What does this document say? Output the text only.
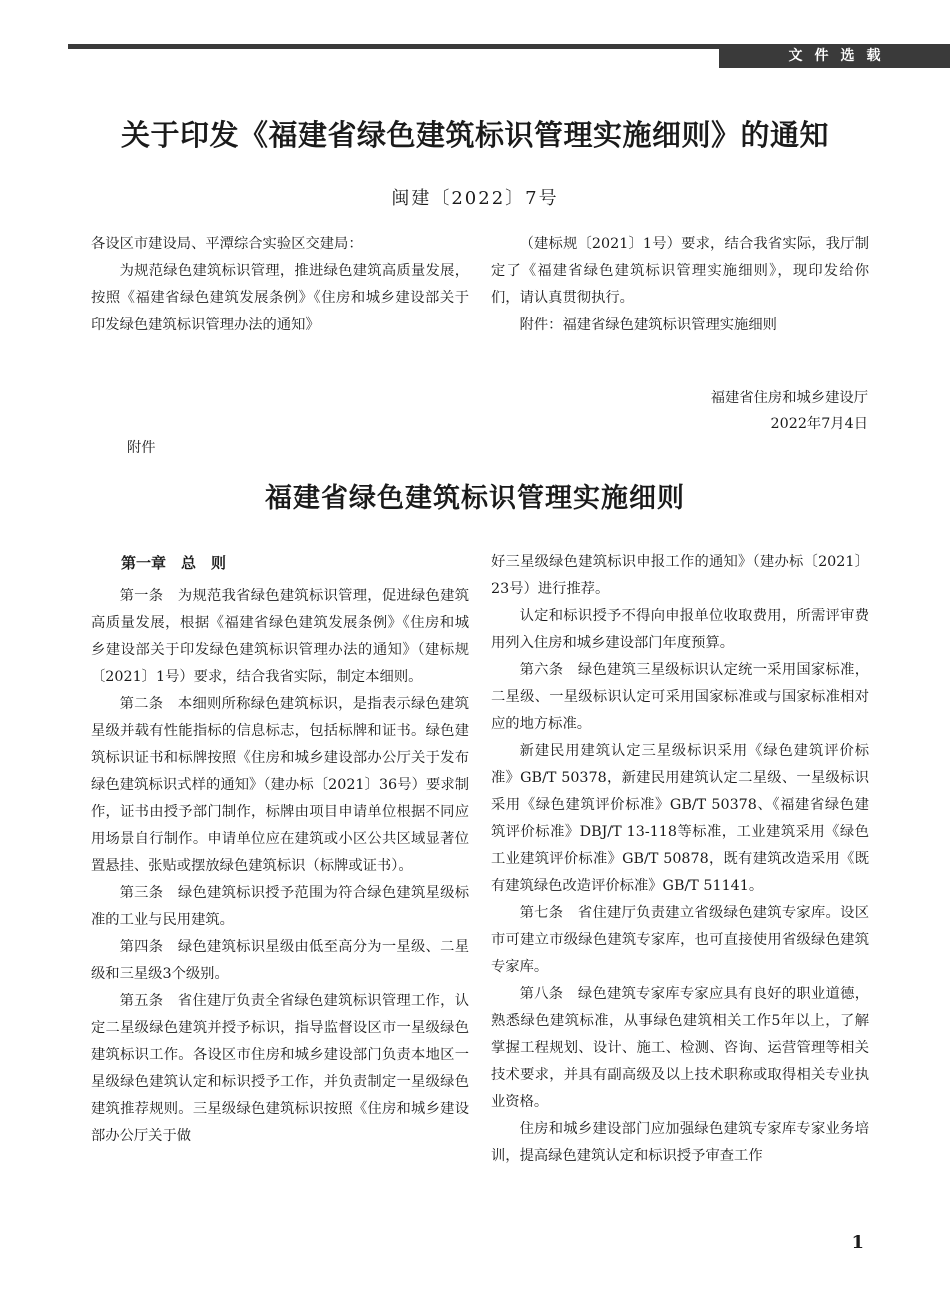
文件选载
关于印发《福建省绿色建筑标识管理实施细则》的通知
闽建〔2022〕7号

各设区市建设局、平潭综合实验区交建局：

为规范绿色建筑标识管理，推进绿色建筑高质量发展，按照《福建省绿色建筑发展条例》《住房和城乡建设部关于印发绿色建筑标识管理办法的通知》

（建标规〔2021〕1号）要求，结合我省实际，我厅制定了《福建省绿色建筑标识管理实施细则》，现印发给你们，请认真贯彻执行。

附件：福建省绿色建筑标识管理实施细则

福建省住房和城乡建设厅
2022年7月4日
附件
福建省绿色建筑标识管理实施细则

第一章　总　则

第一条　为规范我省绿色建筑标识管理，促进绿色建筑高质量发展，根据《福建省绿色建筑发展条例》《住房和城乡建设部关于印发绿色建筑标识管理办法的通知》（建标规〔2021〕1号）要求，结合我省实际，制定本细则。

第二条　本细则所称绿色建筑标识，是指表示绿色建筑星级并载有性能指标的信息标志，包括标牌和证书。绿色建筑标识证书和标牌按照《住房和城乡建设部办公厅关于发布绿色建筑标识式样的通知》（建办标〔2021〕36号）要求制作，证书由授予部门制作，标牌由项目申请单位根据不同应用场景自行制作。申请单位应在建筑或小区公共区域显著位置悬挂、张贴或摆放绿色建筑标识（标牌或证书）。

第三条　绿色建筑标识授予范围为符合绿色建筑星级标准的工业与民用建筑。

第四条　绿色建筑标识星级由低至高分为一星级、二星级和三星级3个级别。

第五条　省住建厅负责全省绿色建筑标识管理工作，认定二星级绿色建筑并授予标识，指导监督设区市一星级绿色建筑标识工作。各设区市住房和城乡建设部门负责本地区一星级绿色建筑认定和标识授予工作，并负责制定一星级绿色建筑推荐规则。三星级绿色建筑标识按照《住房和城乡建设部办公厅关于做

好三星级绿色建筑标识申报工作的通知》（建办标〔2021〕23号）进行推荐。

认定和标识授予不得向申报单位收取费用，所需评审费用列入住房和城乡建设部门年度预算。

第六条　绿色建筑三星级标识认定统一采用国家标准，二星级、一星级标识认定可采用国家标准或与国家标准相对应的地方标准。

新建民用建筑认定三星级标识采用《绿色建筑评价标准》GB/T 50378，新建民用建筑认定二星级、一星级标识采用《绿色建筑评价标准》GB/T 50378、《福建省绿色建筑评价标准》DBJ/T 13-118等标准，工业建筑采用《绿色工业建筑评价标准》GB/T 50878，既有建筑改造采用《既有建筑绿色改造评价标准》GB/T 51141。

第七条　省住建厅负责建立省级绿色建筑专家库。设区市可建立市级绿色建筑专家库，也可直接使用省级绿色建筑专家库。

第八条　绿色建筑专家库专家应具有良好的职业道德，熟悉绿色建筑标准，从事绿色建筑相关工作5年以上，了解掌握工程规划、设计、施工、检测、咨询、运营管理等相关技术要求，并具有副高级及以上技术职称或取得相关专业执业资格。

住房和城乡建设部门应加强绿色建筑专家库专家业务培训，提高绿色建筑认定和标识授予审查工作

1
